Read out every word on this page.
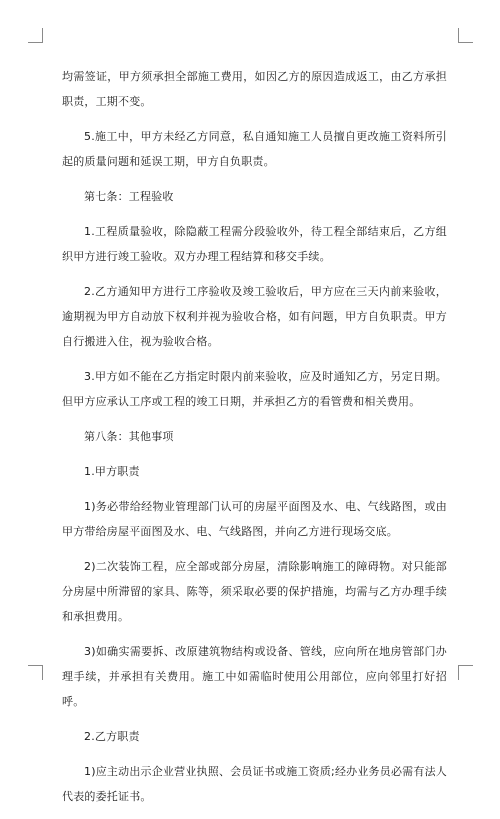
均需签证，甲方须承担全部施工费用，如因乙方的原因造成返工，由乙方承担职责，工期不变。

5.施工中，甲方未经乙方同意，私自通知施工人员擅自更改施工资料所引起的质量问题和延误工期，甲方自负职责。

第七条：工程验收

1.工程质量验收，除隐蔽工程需分段验收外，待工程全部结束后，乙方组织甲方进行竣工验收。双方办理工程结算和移交手续。

2.乙方通知甲方进行工序验收及竣工验收后，甲方应在三天内前来验收，逾期视为甲方自动放下权利并视为验收合格，如有问题，甲方自负职责。甲方自行搬进入住，视为验收合格。

3.甲方如不能在乙方指定时限内前来验收，应及时通知乙方，另定日期。但甲方应承认工序或工程的竣工日期，并承担乙方的看管费和相关费用。

第八条：其他事项

1.甲方职责

1)务必带给经物业管理部门认可的房屋平面图及水、电、气线路图，或由甲方带给房屋平面图及水、电、气线路图，并向乙方进行现场交底。

2)二次装饰工程，应全部或部分房屋，清除影响施工的障碍物。对只能部分房屋中所滞留的家具、陈等，须采取必要的保护措施，均需与乙方办理手续和承担费用。

3)如确实需要拆、改原建筑物结构或设备、管线，应向所在地房管部门办理手续，并承担有关费用。施工中如需临时使用公用部位，应向邻里打好招呼。

2.乙方职责

1)应主动出示企业营业执照、会员证书或施工资质;经办业务员必需有法人代表的委托证书。
